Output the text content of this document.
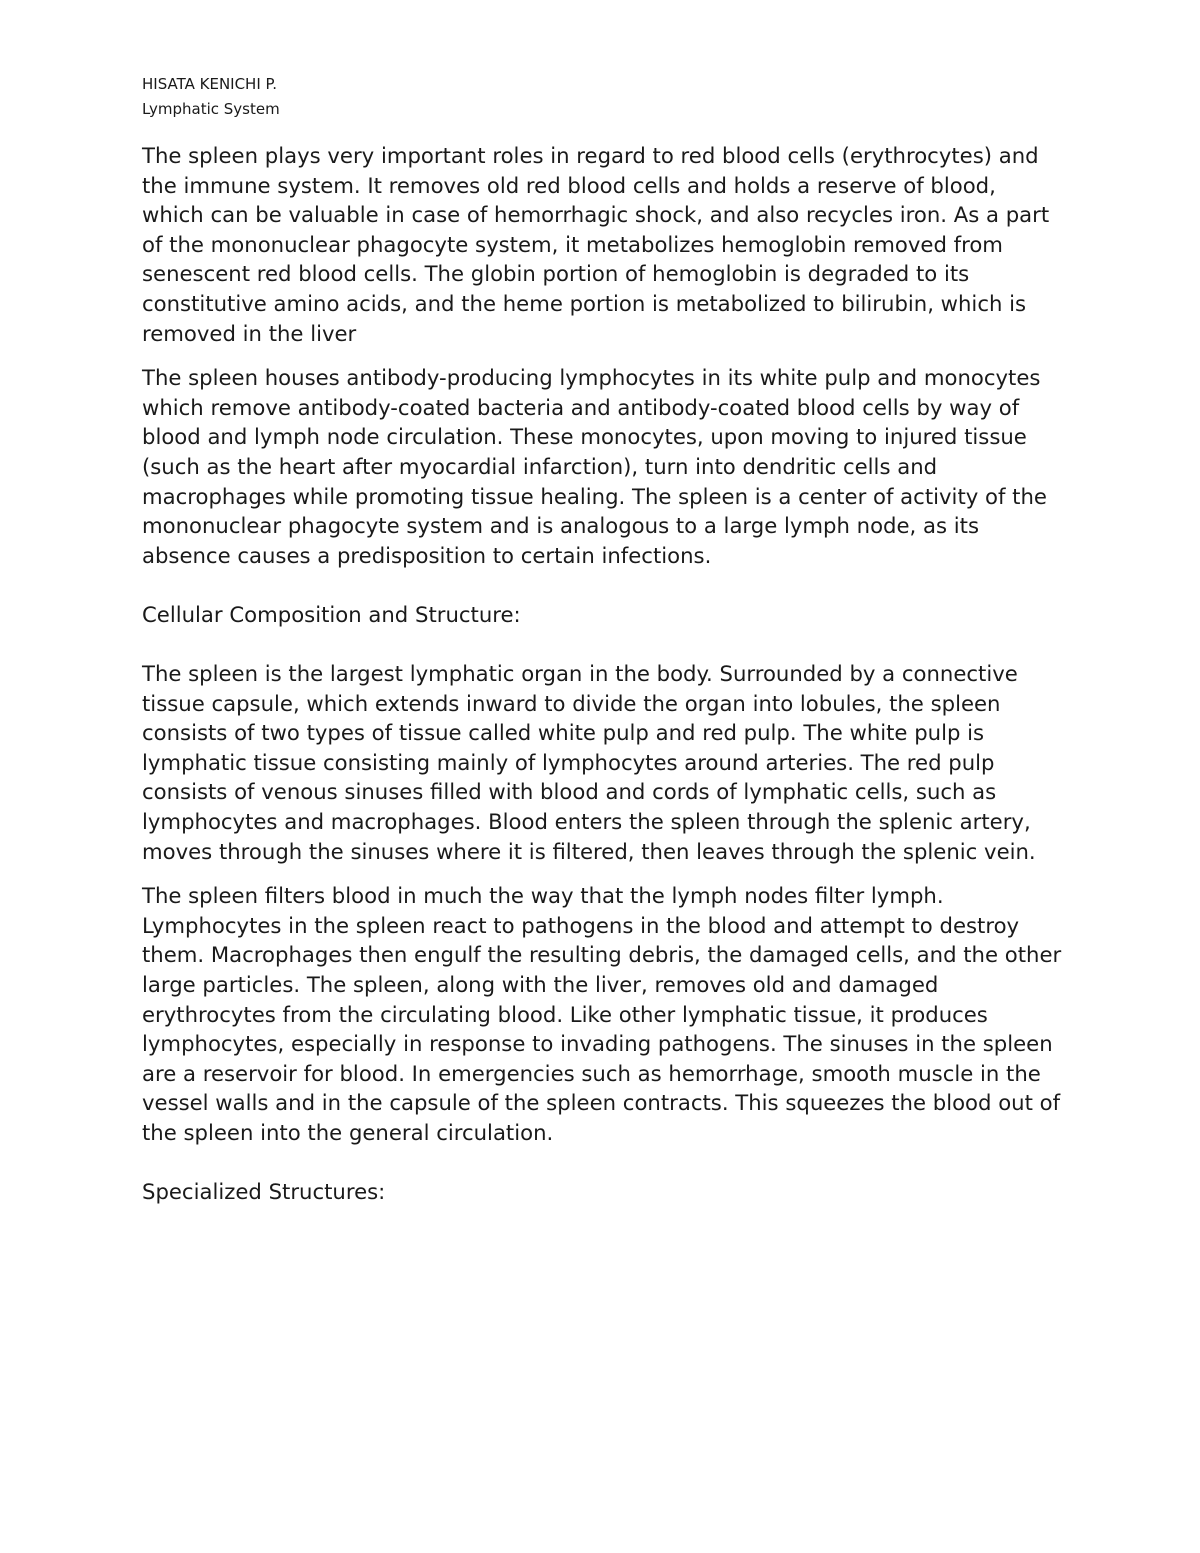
HISATA KENICHI P.
Lymphatic System

The spleen plays very important roles in regard to red blood cells (erythrocytes) and the immune system. It removes old red blood cells and holds a reserve of blood, which can be valuable in case of hemorrhagic shock, and also recycles iron. As a part of the mononuclear phagocyte system, it metabolizes hemoglobin removed from senescent red blood cells. The globin portion of hemoglobin is degraded to its constitutive amino acids, and the heme portion is metabolized to bilirubin, which is removed in the liver

The spleen houses antibody-producing lymphocytes in its white pulp and monocytes which remove antibody-coated bacteria and antibody-coated blood cells by way of blood and lymph node circulation. These monocytes, upon moving to injured tissue (such as the heart after myocardial infarction), turn into dendritic cells and macrophages while promoting tissue healing. The spleen is a center of activity of the mononuclear phagocyte system and is analogous to a large lymph node, as its absence causes a predisposition to certain infections.

Cellular Composition and Structure:

The spleen is the largest lymphatic organ in the body. Surrounded by a connective tissue capsule, which extends inward to divide the organ into lobules, the spleen consists of two types of tissue called white pulp and red pulp. The white pulp is lymphatic tissue consisting mainly of lymphocytes around arteries. The red pulp consists of venous sinuses filled with blood and cords of lymphatic cells, such as lymphocytes and macrophages. Blood enters the spleen through the splenic artery, moves through the sinuses where it is filtered, then leaves through the splenic vein.

The spleen filters blood in much the way that the lymph nodes filter lymph. Lymphocytes in the spleen react to pathogens in the blood and attempt to destroy them. Macrophages then engulf the resulting debris, the damaged cells, and the other large particles. The spleen, along with the liver, removes old and damaged erythrocytes from the circulating blood. Like other lymphatic tissue, it produces lymphocytes, especially in response to invading pathogens. The sinuses in the spleen are a reservoir for blood. In emergencies such as hemorrhage, smooth muscle in the vessel walls and in the capsule of the spleen contracts. This squeezes the blood out of the spleen into the general circulation.

Specialized Structures:
